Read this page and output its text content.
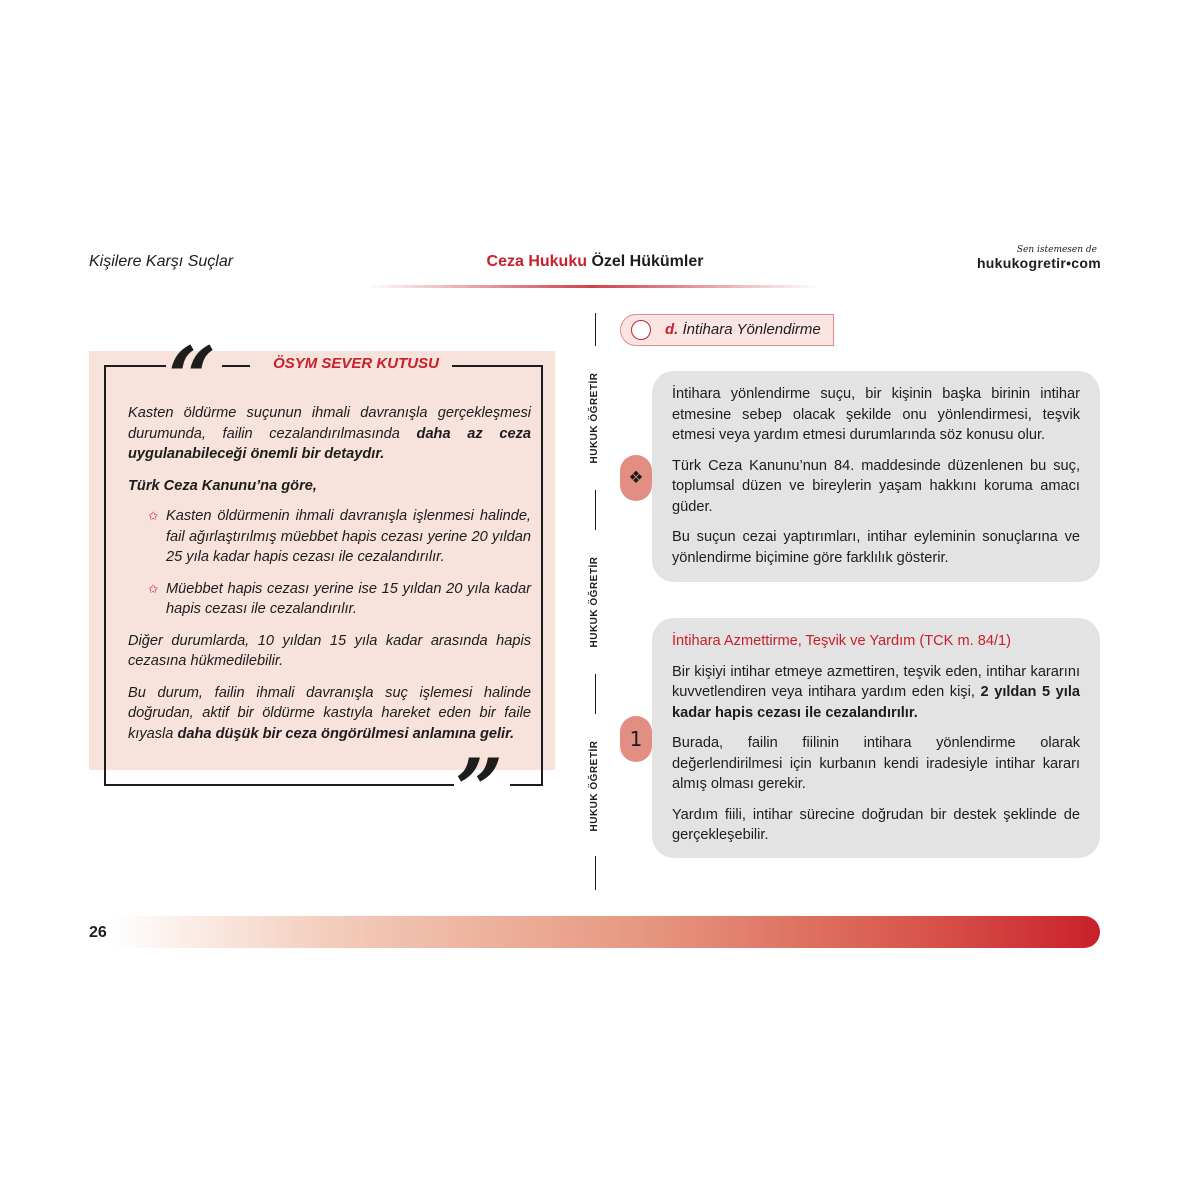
Kişilere Karşı Suçlar	Ceza Hukuku Özel Hükümler
Sen istemesen de
hukukogretir•com
“
”
ÖSYM SEVER KUTUSU

Kasten öldürme suçunun ihmali davranışla gerçekleşmesi durumunda, failin cezalandırılmasında daha az ceza uygulanabileceği önemli bir detaydır.

Türk Ceza Kanunu’na göre,

✩ Kasten öldürmenin ihmali davranışla işlenmesi halinde, fail ağırlaştırılmış müebbet hapis cezası yerine 20 yıldan 25 yıla kadar hapis cezası ile cezalandırılır.
✩ Müebbet hapis cezası yerine ise 15 yıldan 20 yıla kadar hapis cezası ile cezalandırılır.

Diğer durumlarda, 10 yıldan 15 yıla kadar arasında hapis cezasına hükmedilebilir.

Bu durum, failin ihmali davranışla suç işlemesi halinde doğrudan, aktif bir öldürme kastıyla hareket eden bir faile kıyasla daha düşük bir ceza öngörülmesi anlamına gelir.

HUKUK ÖĞRETİR
HUKUK ÖĞRETİR
HUKUK ÖĞRETİR
d. İntihara Yönlendirme

İntihara yönlendirme suçu, bir kişinin başka birinin intihar etmesine sebep olacak şekilde onu yönlendirmesi, teşvik etmesi veya yardım etmesi durumlarında söz konusu olur.

Türk Ceza Kanunu’nun 84. maddesinde düzenlenen bu suç, toplumsal düzen ve bireylerin yaşam hakkını koruma amacı güder.

Bu suçun cezai yaptırımları, intihar eyleminin sonuçlarına ve yönlendirme biçimine göre farklılık gösterir.

❖

İntihara Azmettirme, Teşvik ve Yardım (TCK m. 84/1)

Bir kişiyi intihar etmeye azmettiren, teşvik eden, intihar kararını kuvvetlendiren veya intihara yardım eden kişi, 2 yıldan 5 yıla kadar hapis cezası ile cezalandırılır.

Burada, failin fiilinin intihara yönlendirme olarak değerlendirilmesi için kurbanın kendi iradesiyle intihar kararı almış olması gerekir.

Yardım fiili, intihar sürecine doğrudan bir destek şeklinde de gerçekleşebilir.

1
26
